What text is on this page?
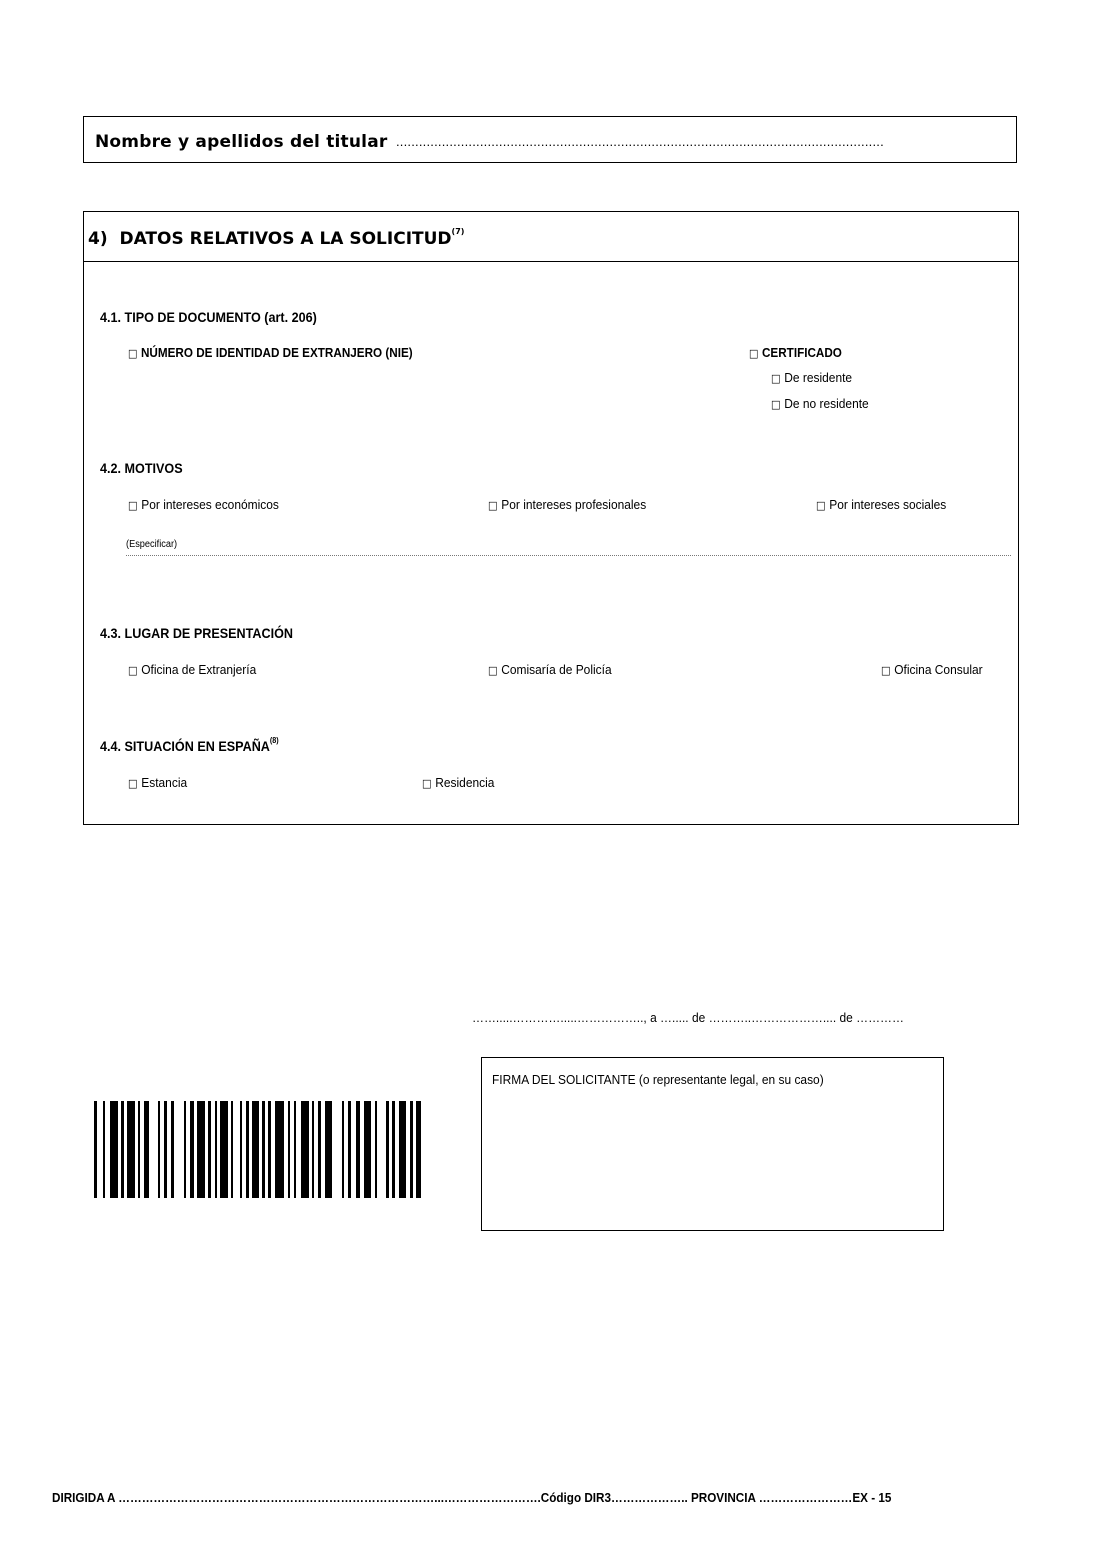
Nombre y apellidos del titular ................................................................................................................................
4) DATOS RELATIVOS A LA SOLICITUD$^{(7)}$
4.1. TIPO DE DOCUMENTO (art. 206)
□ NÚMERO DE IDENTIDAD DE EXTRANJERO (NIE)	□ CERTIFICADO
□ De residente
□ De no residente
4.2. MOTIVOS
□ Por intereses económicos	□ Por intereses profesionales	□ Por intereses sociales
(Especificar)
4.3. LUGAR DE PRESENTACIÓN
□ Oficina de Extranjería	□ Comisaría de Policía	□ Oficina Consular
4.4. SITUACIÓN EN ESPAÑA$^{(8)}$
□ Estancia	□ Residencia
…….....………….....…………….., a …..... de ………..……………….... de …………
FIRMA DEL SOLICITANTE (o representante legal, en su caso)
DIRIGIDA A ………………………………………………………………………...…………………….Código DIR3……………….. PROVINCIA ……………………EX - 15
